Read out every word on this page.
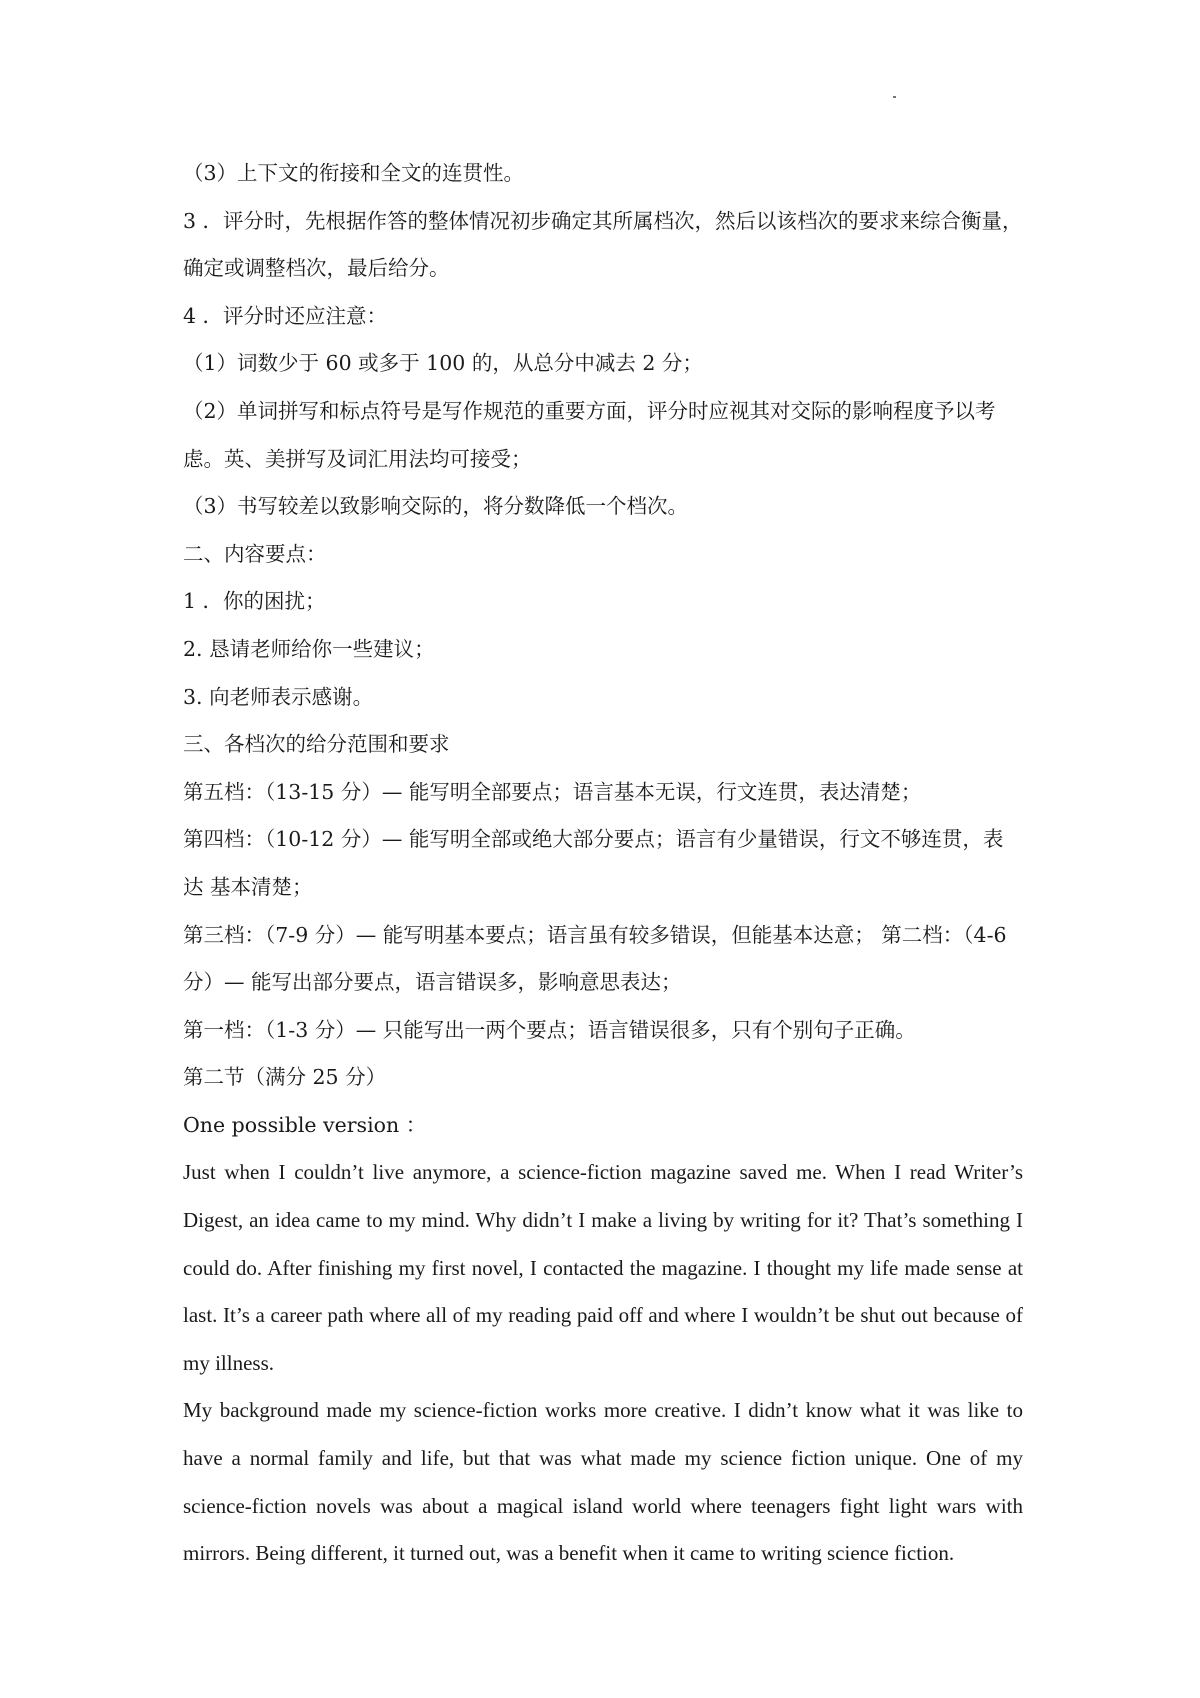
（3）上下文的衔接和全文的连贯性。

3 ．评分时，先根据作答的整体情况初步确定其所属档次，然后以该档次的要求来综合衡量，

确定或调整档次，最后给分。

4 ．评分时还应注意：

（1）词数少于 60 或多于 100 的，从总分中减去 2 分；

（2）单词拼写和标点符号是写作规范的重要方面，评分时应视其对交际的影响程度予以考

虑。英、美拼写及词汇用法均可接受；

（3）书写较差以致影响交际的，将分数降低一个档次。

二、内容要点：

1 ．你的困扰；

2. 恳请老师给你一些建议；

3. 向老师表示感谢。

三、各档次的给分范围和要求

第五档：（13-15 分）— 能写明全部要点；语言基本无误，行文连贯，表达清楚；

第四档：（10-12 分）— 能写明全部或绝大部分要点；语言有少量错误，行文不够连贯，表

达 基本清楚；

第三档：（7-9 分）— 能写明基本要点；语言虽有较多错误，但能基本达意； 第二档：（4-6

分）— 能写出部分要点，语言错误多，影响意思表达；

第一档：（1-3 分）— 只能写出一两个要点；语言错误很多，只有个别句子正确。

第二节（满分 25 分）

One possible version ：

Just when I couldn’t live anymore, a science-fiction magazine saved me. When I read Writer’s Digest, an idea came to my mind. Why didn’t I make a living by writing for it? That’s something I could do. After finishing my first novel, I contacted the magazine. I thought my life made sense at last. It’s a career path where all of my reading paid off and where I wouldn’t be shut out because of my illness.

My background made my science-fiction works more creative. I didn’t know what it was like to have a normal family and life, but that was what made my science fiction unique. One of my science-fiction novels was about a magical island world where teenagers fight light wars with mirrors. Being different, it turned out, was a benefit when it came to writing science fiction.
